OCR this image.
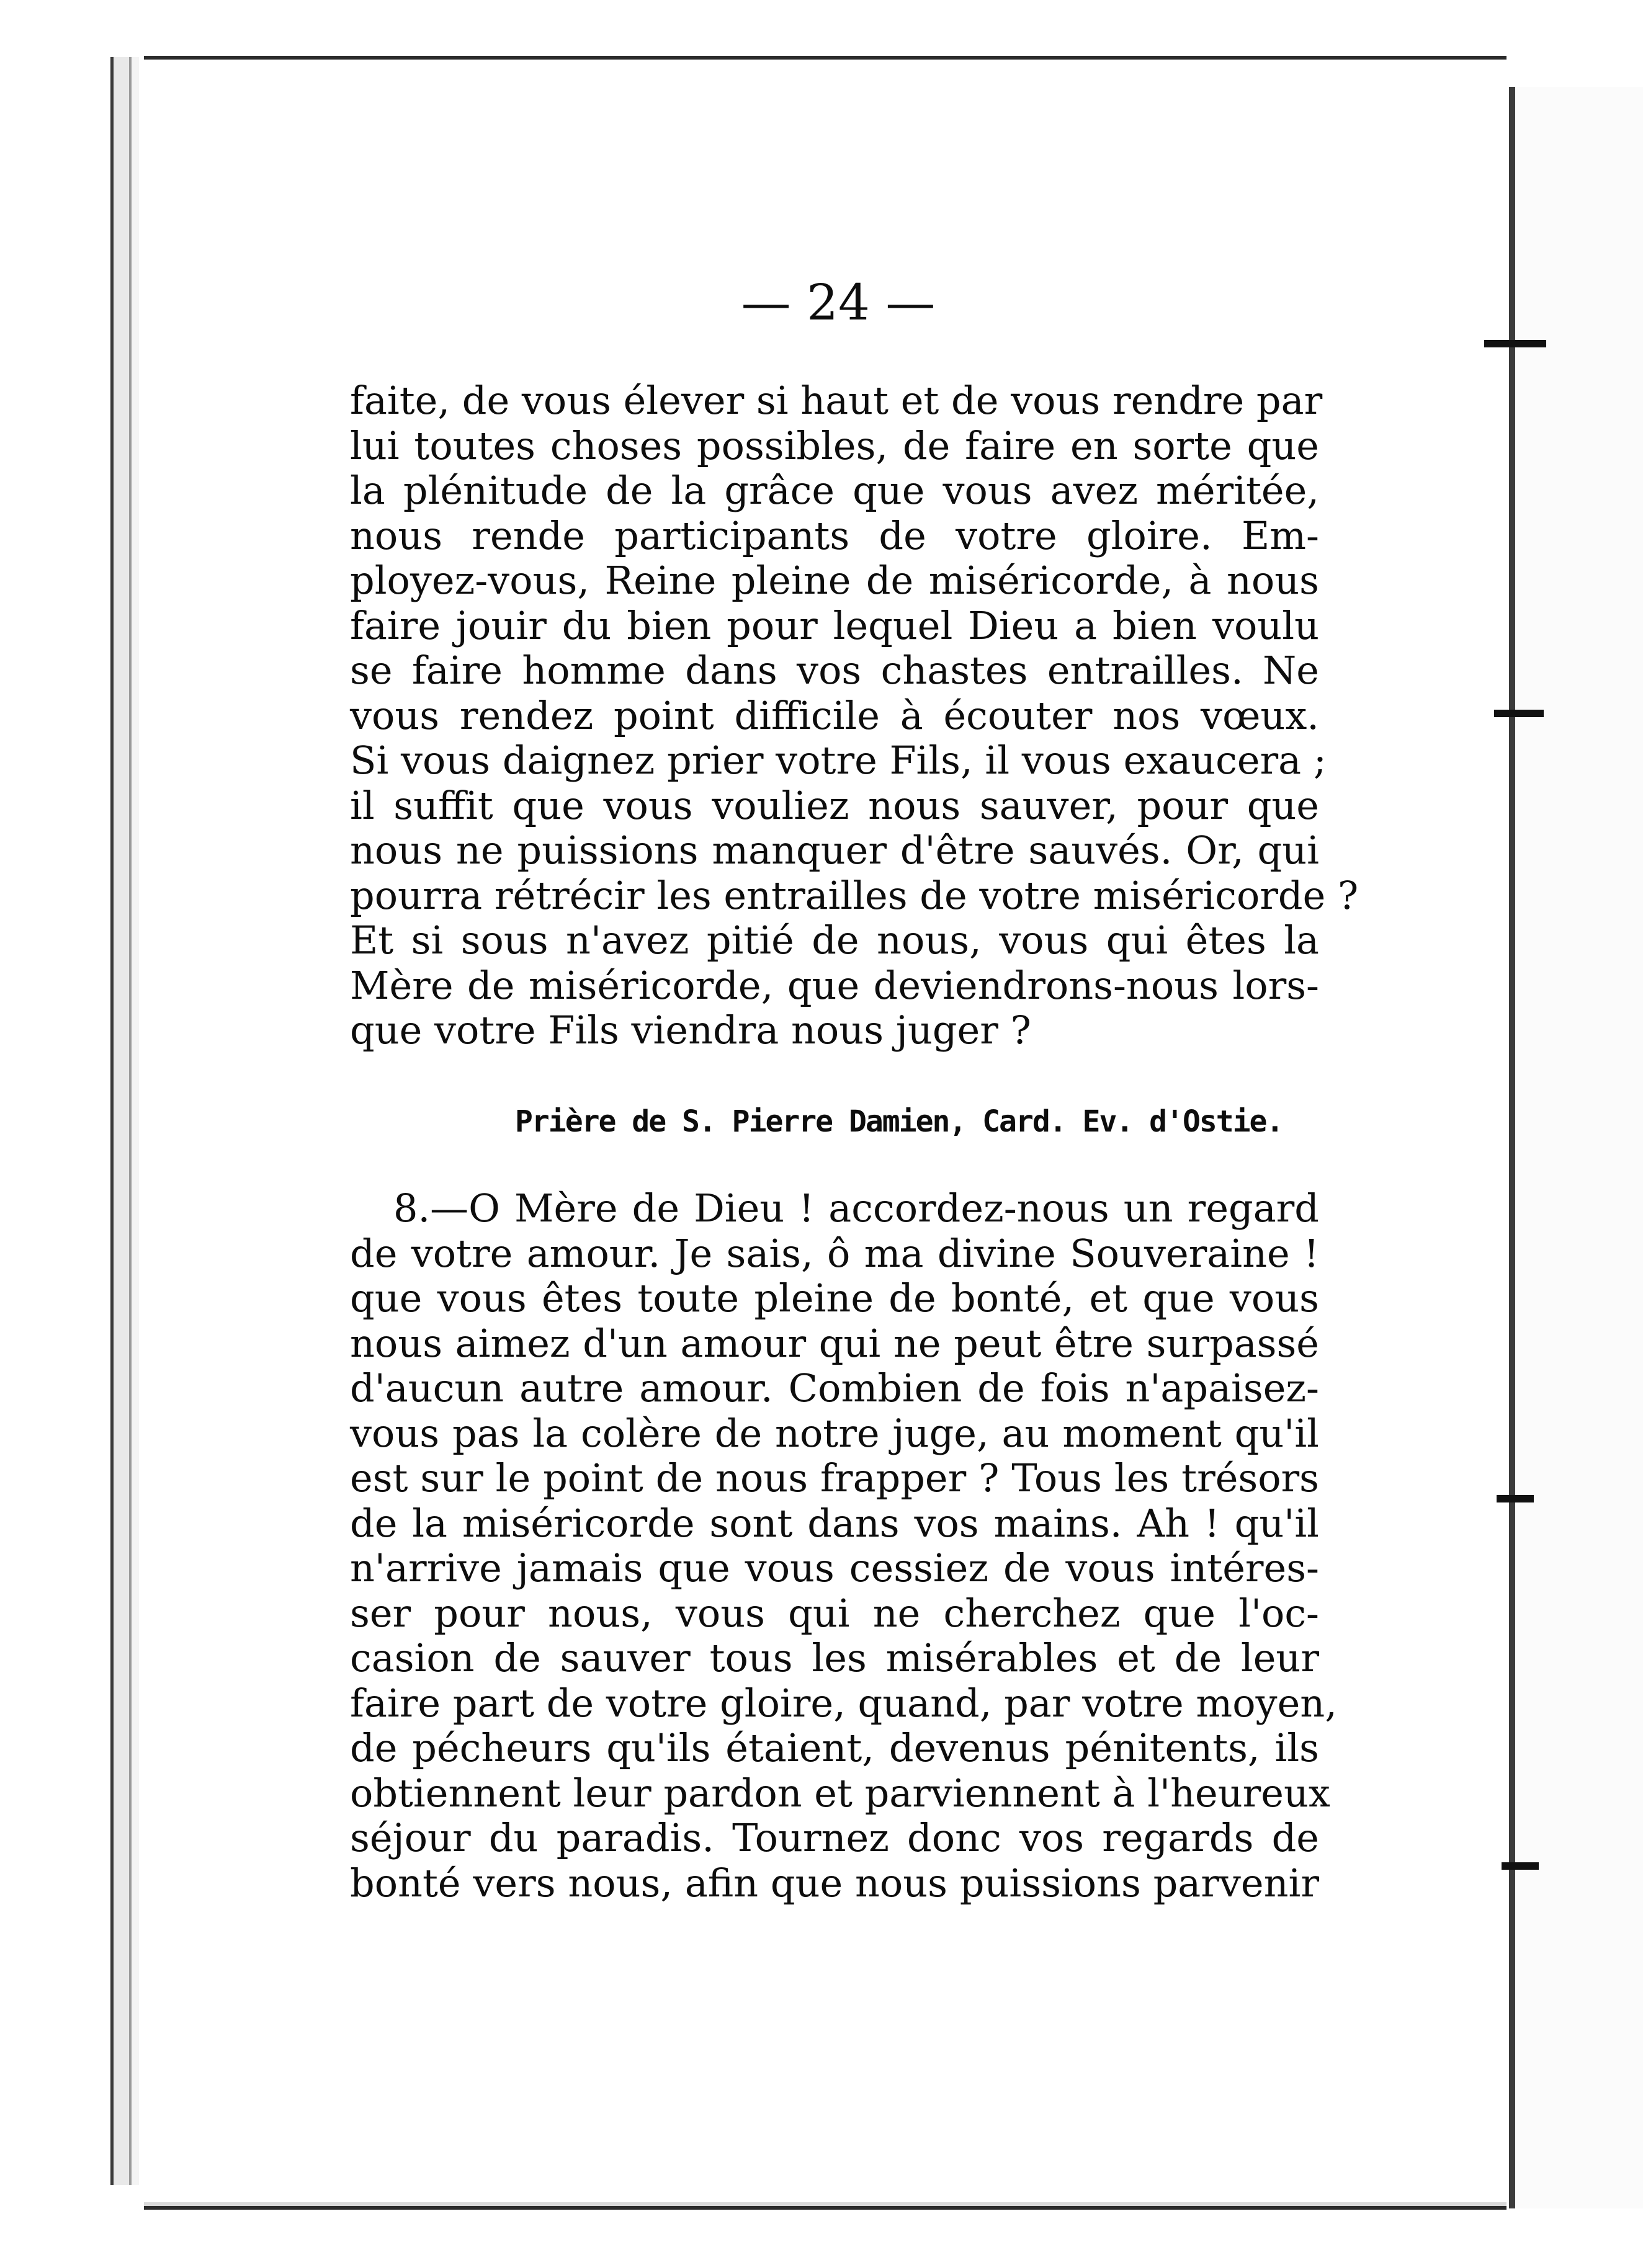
— 24 —
faite, de vous élever si haut et de vous rendre par
lui toutes choses possibles, de faire en sorte que
la plénitude de la grâce que vous avez méritée,
nous rende participants de votre gloire. Em-
ployez-vous, Reine pleine de miséricorde, à nous
faire jouir du bien pour lequel Dieu a bien voulu
se faire homme dans vos chastes entrailles. Ne
vous rendez point difficile à écouter nos vœux.
Si vous daignez prier votre Fils, il vous exaucera ;
il suffit que vous vouliez nous sauver, pour que
nous ne puissions manquer d'être sauvés. Or, qui
pourra rétrécir les entrailles de votre miséricorde ?
Et si sous n'avez pitié de nous, vous qui êtes la
Mère de miséricorde, que deviendrons-nous lors-
que votre Fils viendra nous juger ?
Prière de S. Pierre Damien, Card. Ev. d'Ostie.
8.—O Mère de Dieu ! accordez-nous un regard
de votre amour. Je sais, ô ma divine Souveraine !
que vous êtes toute pleine de bonté, et que vous
nous aimez d'un amour qui ne peut être surpassé
d'aucun autre amour. Combien de fois n'apaisez-
vous pas la colère de notre juge, au moment qu'il
est sur le point de nous frapper ? Tous les trésors
de la miséricorde sont dans vos mains. Ah ! qu'il
n'arrive jamais que vous cessiez de vous intéres-
ser pour nous, vous qui ne cherchez que l'oc-
casion de sauver tous les misérables et de leur
faire part de votre gloire, quand, par votre moyen,
de pécheurs qu'ils étaient, devenus pénitents, ils
obtiennent leur pardon et parviennent à l'heureux
séjour du paradis. Tournez donc vos regards de
bonté vers nous, afin que nous puissions parvenir
